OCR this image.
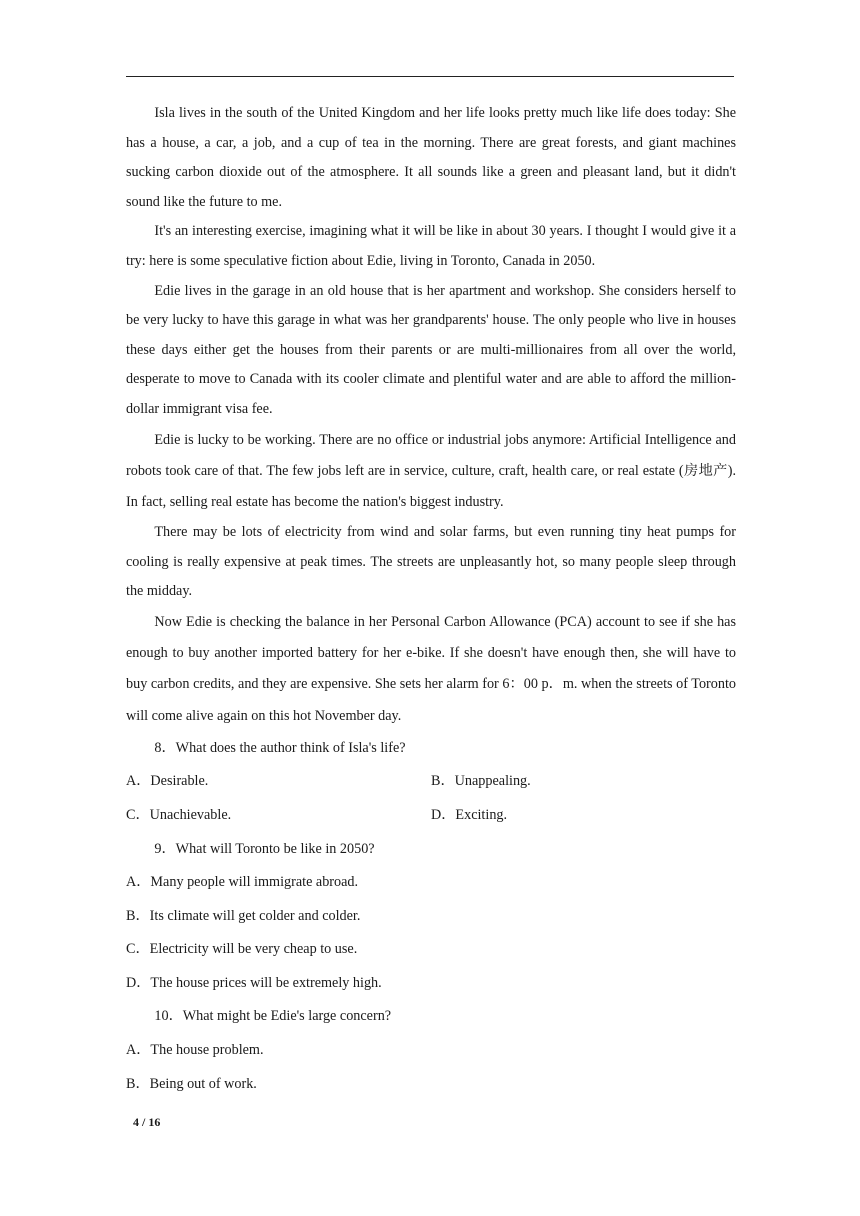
Isla lives in the south of the United Kingdom and her life looks pretty much like life does today: She has a house, a car, a job, and a cup of tea in the morning. There are great forests, and giant machines sucking carbon dioxide out of the atmosphere. It all sounds like a green and pleasant land, but it didn't sound like the future to me.

It's an interesting exercise, imagining what it will be like in about 30 years. I thought I would give it a try: here is some speculative fiction about Edie, living in Toronto, Canada in 2050.

Edie lives in the garage in an old house that is her apartment and workshop. She considers herself to be very lucky to have this garage in what was her grandparents' house. The only people who live in houses these days either get the houses from their parents or are multi-millionaires from all over the world, desperate to move to Canada with its cooler climate and plentiful water and are able to afford the million-dollar immigrant visa fee.

Edie is lucky to be working. There are no office or industrial jobs anymore: Artificial Intelligence and robots took care of that. The few jobs left are in service, culture, craft, health care, or real estate (房地产). In fact, selling real estate has become the nation's biggest industry.

There may be lots of electricity from wind and solar farms, but even running tiny heat pumps for cooling is really expensive at peak times. The streets are unpleasantly hot, so many people sleep through the midday.

Now Edie is checking the balance in her Personal Carbon Allowance (PCA) account to see if she has enough to buy another imported battery for her e-bike. If she doesn't have enough then, she will have to buy carbon credits, and they are expensive. She sets her alarm for 6：00 p．m. when the streets of Toronto will come alive again on this hot November day.

8．What does the author think of Isla's life?

A．Desirable.	B．Unappealing.
C．Unachievable.	D．Exciting.

9．What will Toronto be like in 2050?

A．Many people will immigrate abroad.

B．Its climate will get colder and colder.

C．Electricity will be very cheap to use.

D．The house prices will be extremely high.

10．What might be Edie's large concern?

A．The house problem.

B．Being out of work.

4 / 16
